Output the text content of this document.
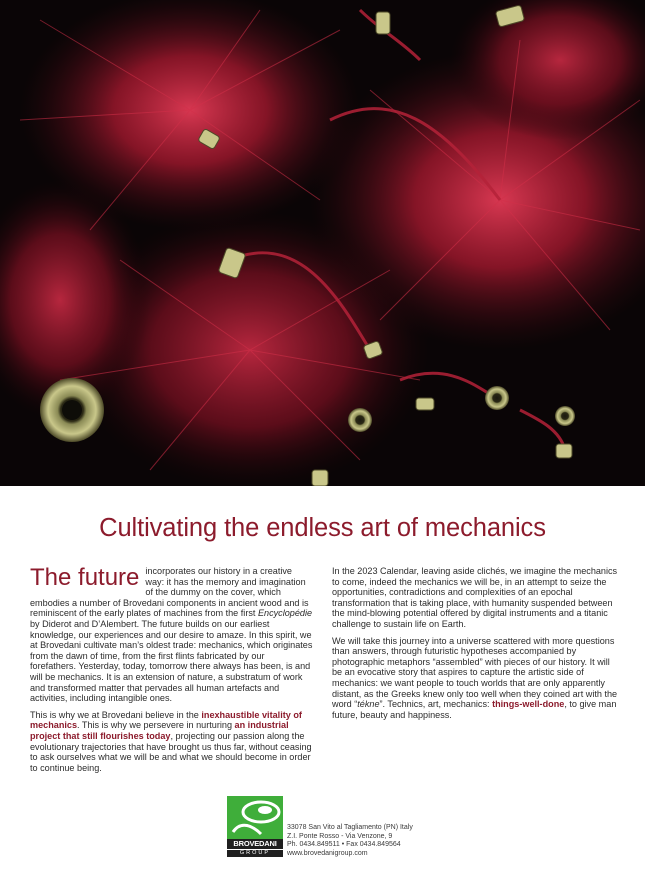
Cultivating the endless art of mechanics

The future incorporates our history in a creative way: it has the memory and imagination of the dummy on the cover, which embodies a number of Brovedani components in ancient wood and is reminiscent of the early plates of machines from the first Encyclopédie by Diderot and D’Alembert. The future builds on our earliest knowledge, our experiences and our desire to amaze. In this spirit, we at Brovedani cultivate man’s oldest trade: mechanics, which originates from the dawn of time, from the first flints fabricated by our forefathers. Yesterday, today, tomorrow there always has been, is and will be mechanics. It is an extension of nature, a substratum of work and transformed matter that pervades all human artefacts and activities, including intangible ones.

This is why we at Brovedani believe in the inexhaustible vitality of mechanics. This is why we persevere in nurturing an industrial project that still flourishes today, projecting our passion along the evolutionary trajectories that have brought us thus far, without ceasing to ask ourselves what we will be and what we should become in order to continue being.

In the 2023 Calendar, leaving aside clichés, we imagine the mechanics to come, indeed the mechanics we will be, in an attempt to seize the opportunities, contradictions and complexities of an epochal transformation that is taking place, with humanity suspended between the mind-blowing potential offered by digital instruments and a titanic challenge to sustain life on Earth.

We will take this journey into a universe scattered with more questions than answers, through futuristic hypotheses accompanied by photographic metaphors “assembled” with pieces of our history. It will be an evocative story that aspires to capture the artistic side of mechanics: we want people to touch worlds that are only apparently distant, as the Greeks knew only too well when they coined art with the word “tékne”. Technics, art, mechanics: things-well-done, to give man future, beauty and happiness.

BROVEDANI
GROUP
33078 San Vito al Tagliamento (PN) Italy
Z.I. Ponte Rosso - Via Venzone, 9
Ph. 0434.849511 • Fax 0434.849564
www.brovedanigroup.com
